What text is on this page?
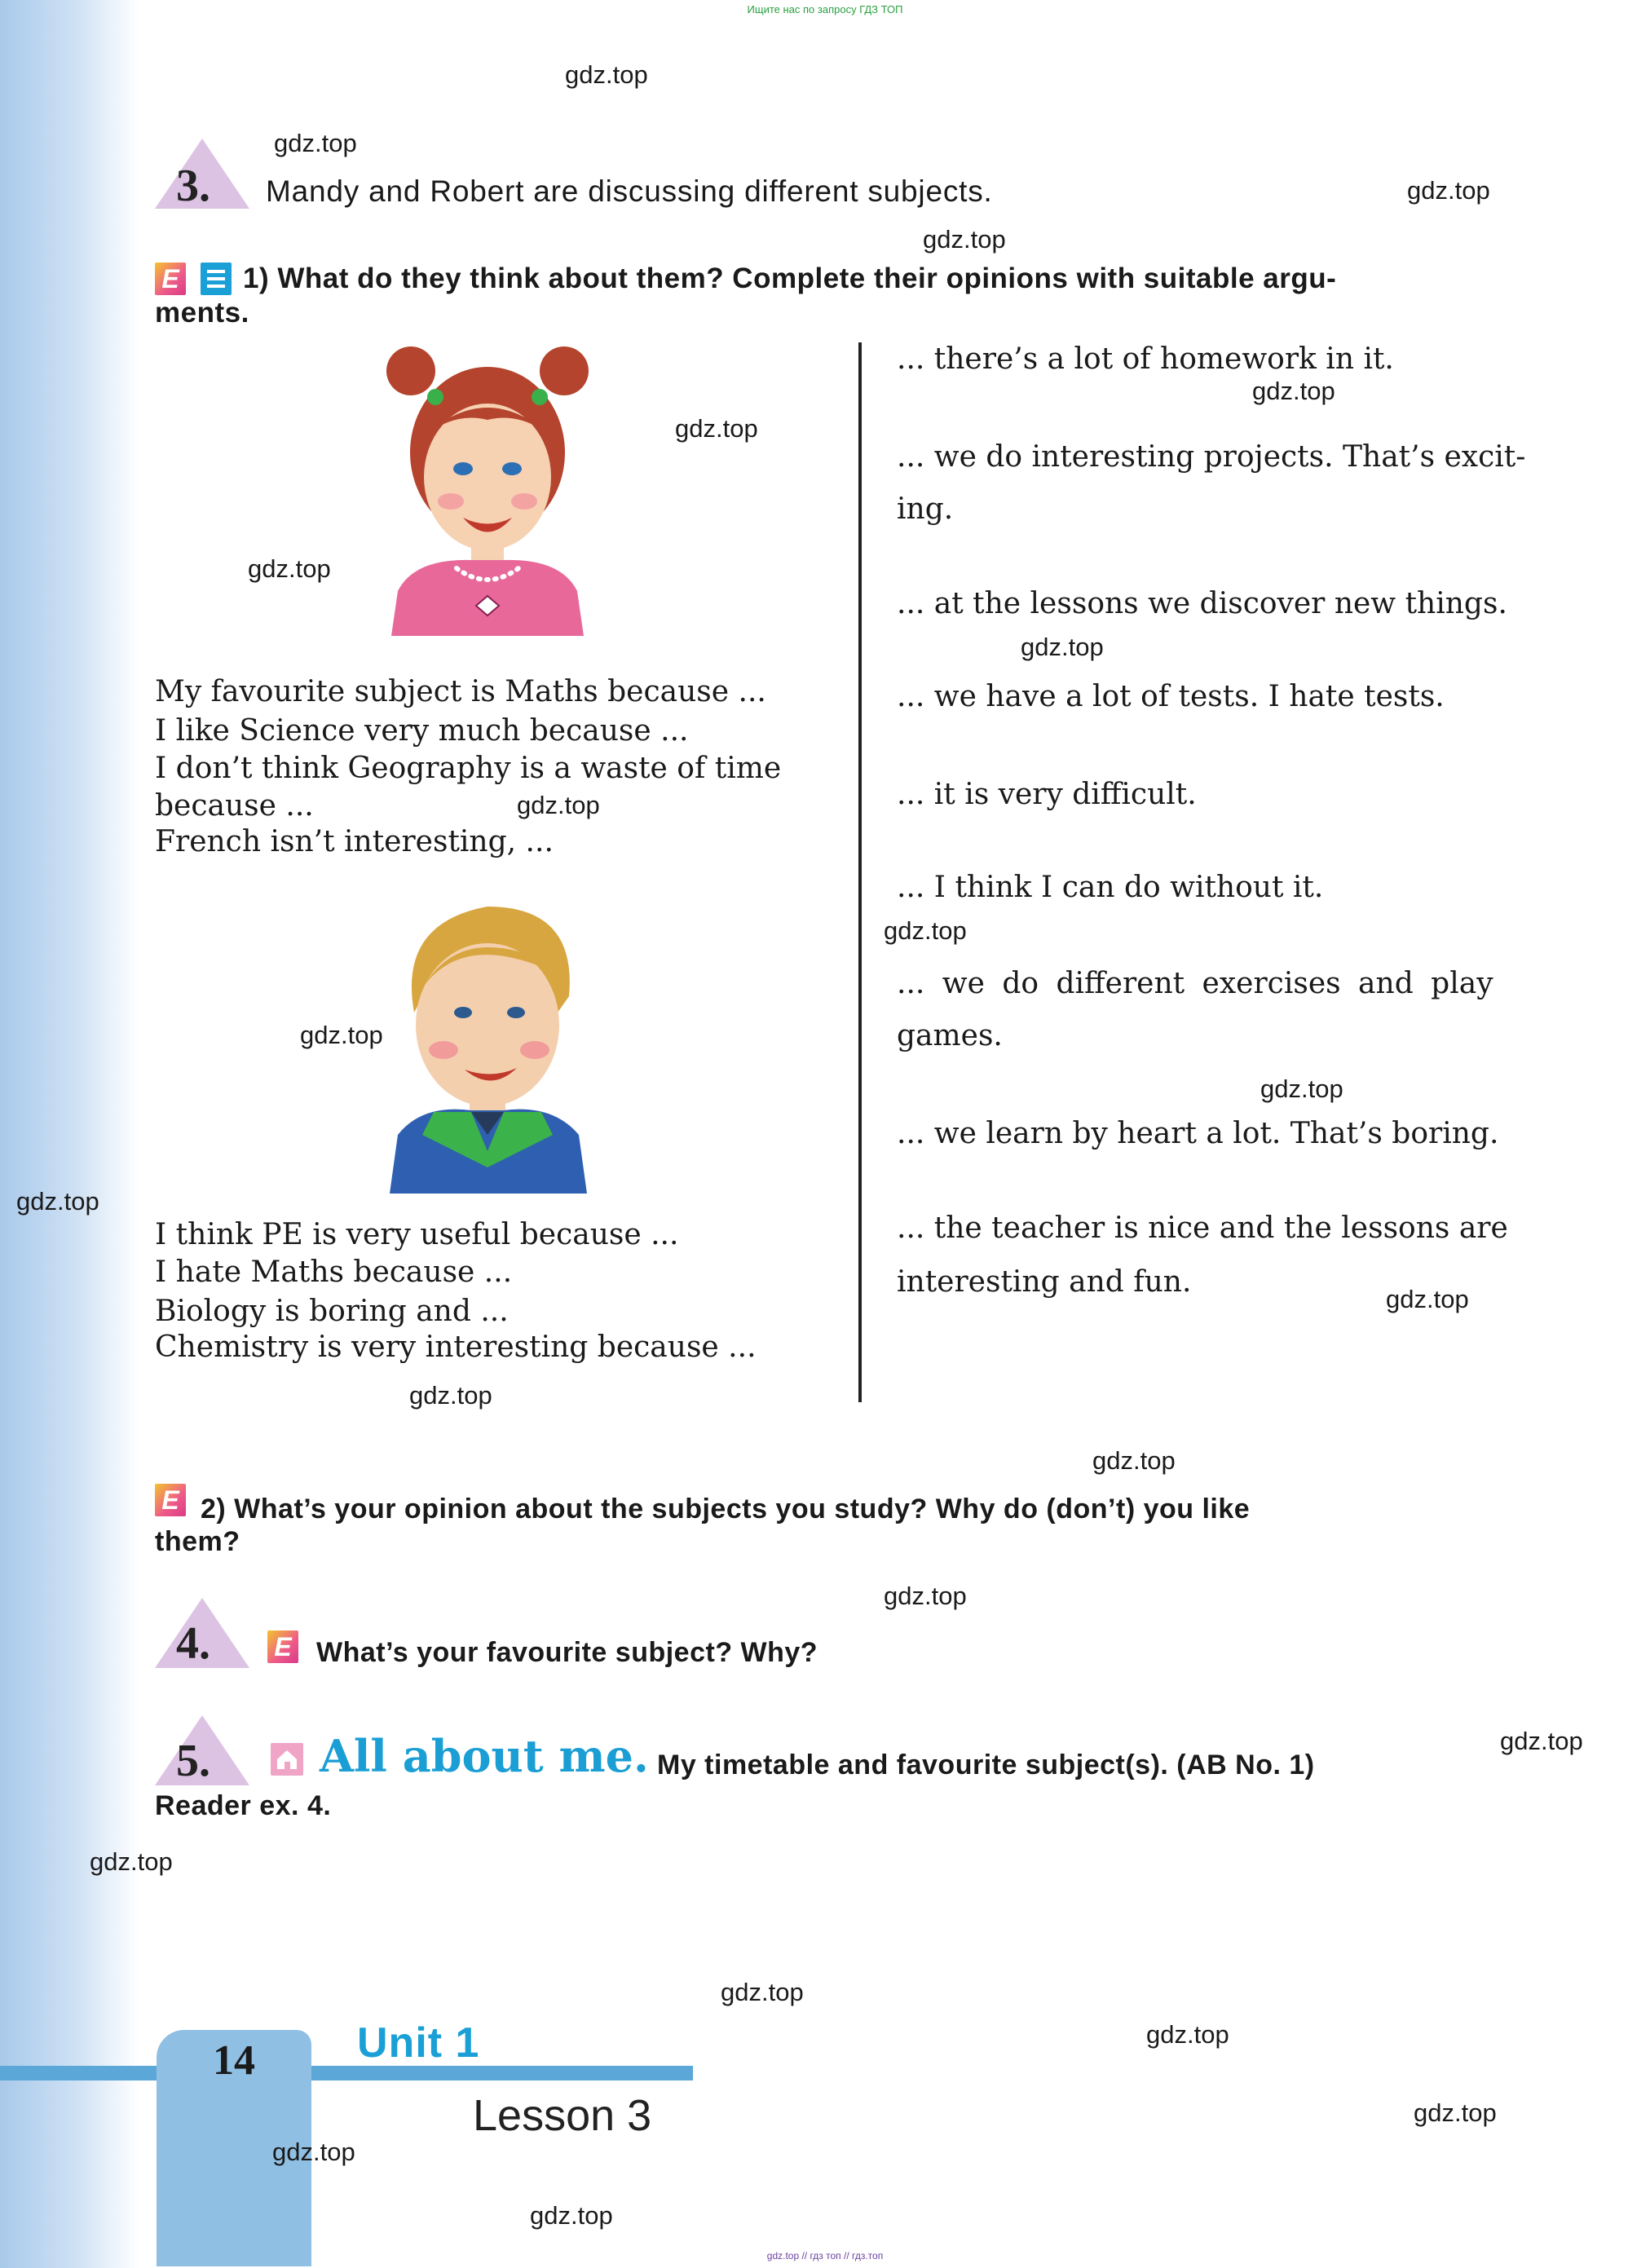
Ищите нас по запросу ГДЗ ТОП
3. Mandy and Robert are discussing different subjects.
E 1) What do they think about them? Complete their opinions with suitable argu-
ments.
My favourite subject is Maths because ...
I like Science very much because ...
I don’t think Geography is a waste of time
because ...
French isn’t interesting, ...
I think PE is very useful because ...
I hate Maths because ...
Biology is boring and ...
Chemistry is very interesting because ...
... there’s a lot of homework in it.
... we do interesting projects. That’s excit-
ing.
... at the lessons we discover new things.
... we have a lot of tests. I hate tests.
... it is very difficult.
... I think I can do without it.
... we do different exercises and play
games.
... we learn by heart a lot. That’s boring.
... the teacher is nice and the lessons are
interesting and fun.
E 2) What’s your opinion about the subjects you study? Why do (don’t) you like
them?
4. E What’s your favourite subject? Why?
5. All about me. My timetable and favourite subject(s). (AB No. 1)
Reader ex. 4.
14	Unit 1
Lesson 3
gdz.top
gdz.top
gdz.top
gdz.top
gdz.top
gdz.top
gdz.top
gdz.top
gdz.top
gdz.top
gdz.top
gdz.top
gdz.top
gdz.top
gdz.top
gdz.top
gdz.top
gdz.top
gdz.top
gdz.top
gdz.top
gdz.top
gdz.top
gdz.top
gdz.top // гдз топ // гдз.топ
